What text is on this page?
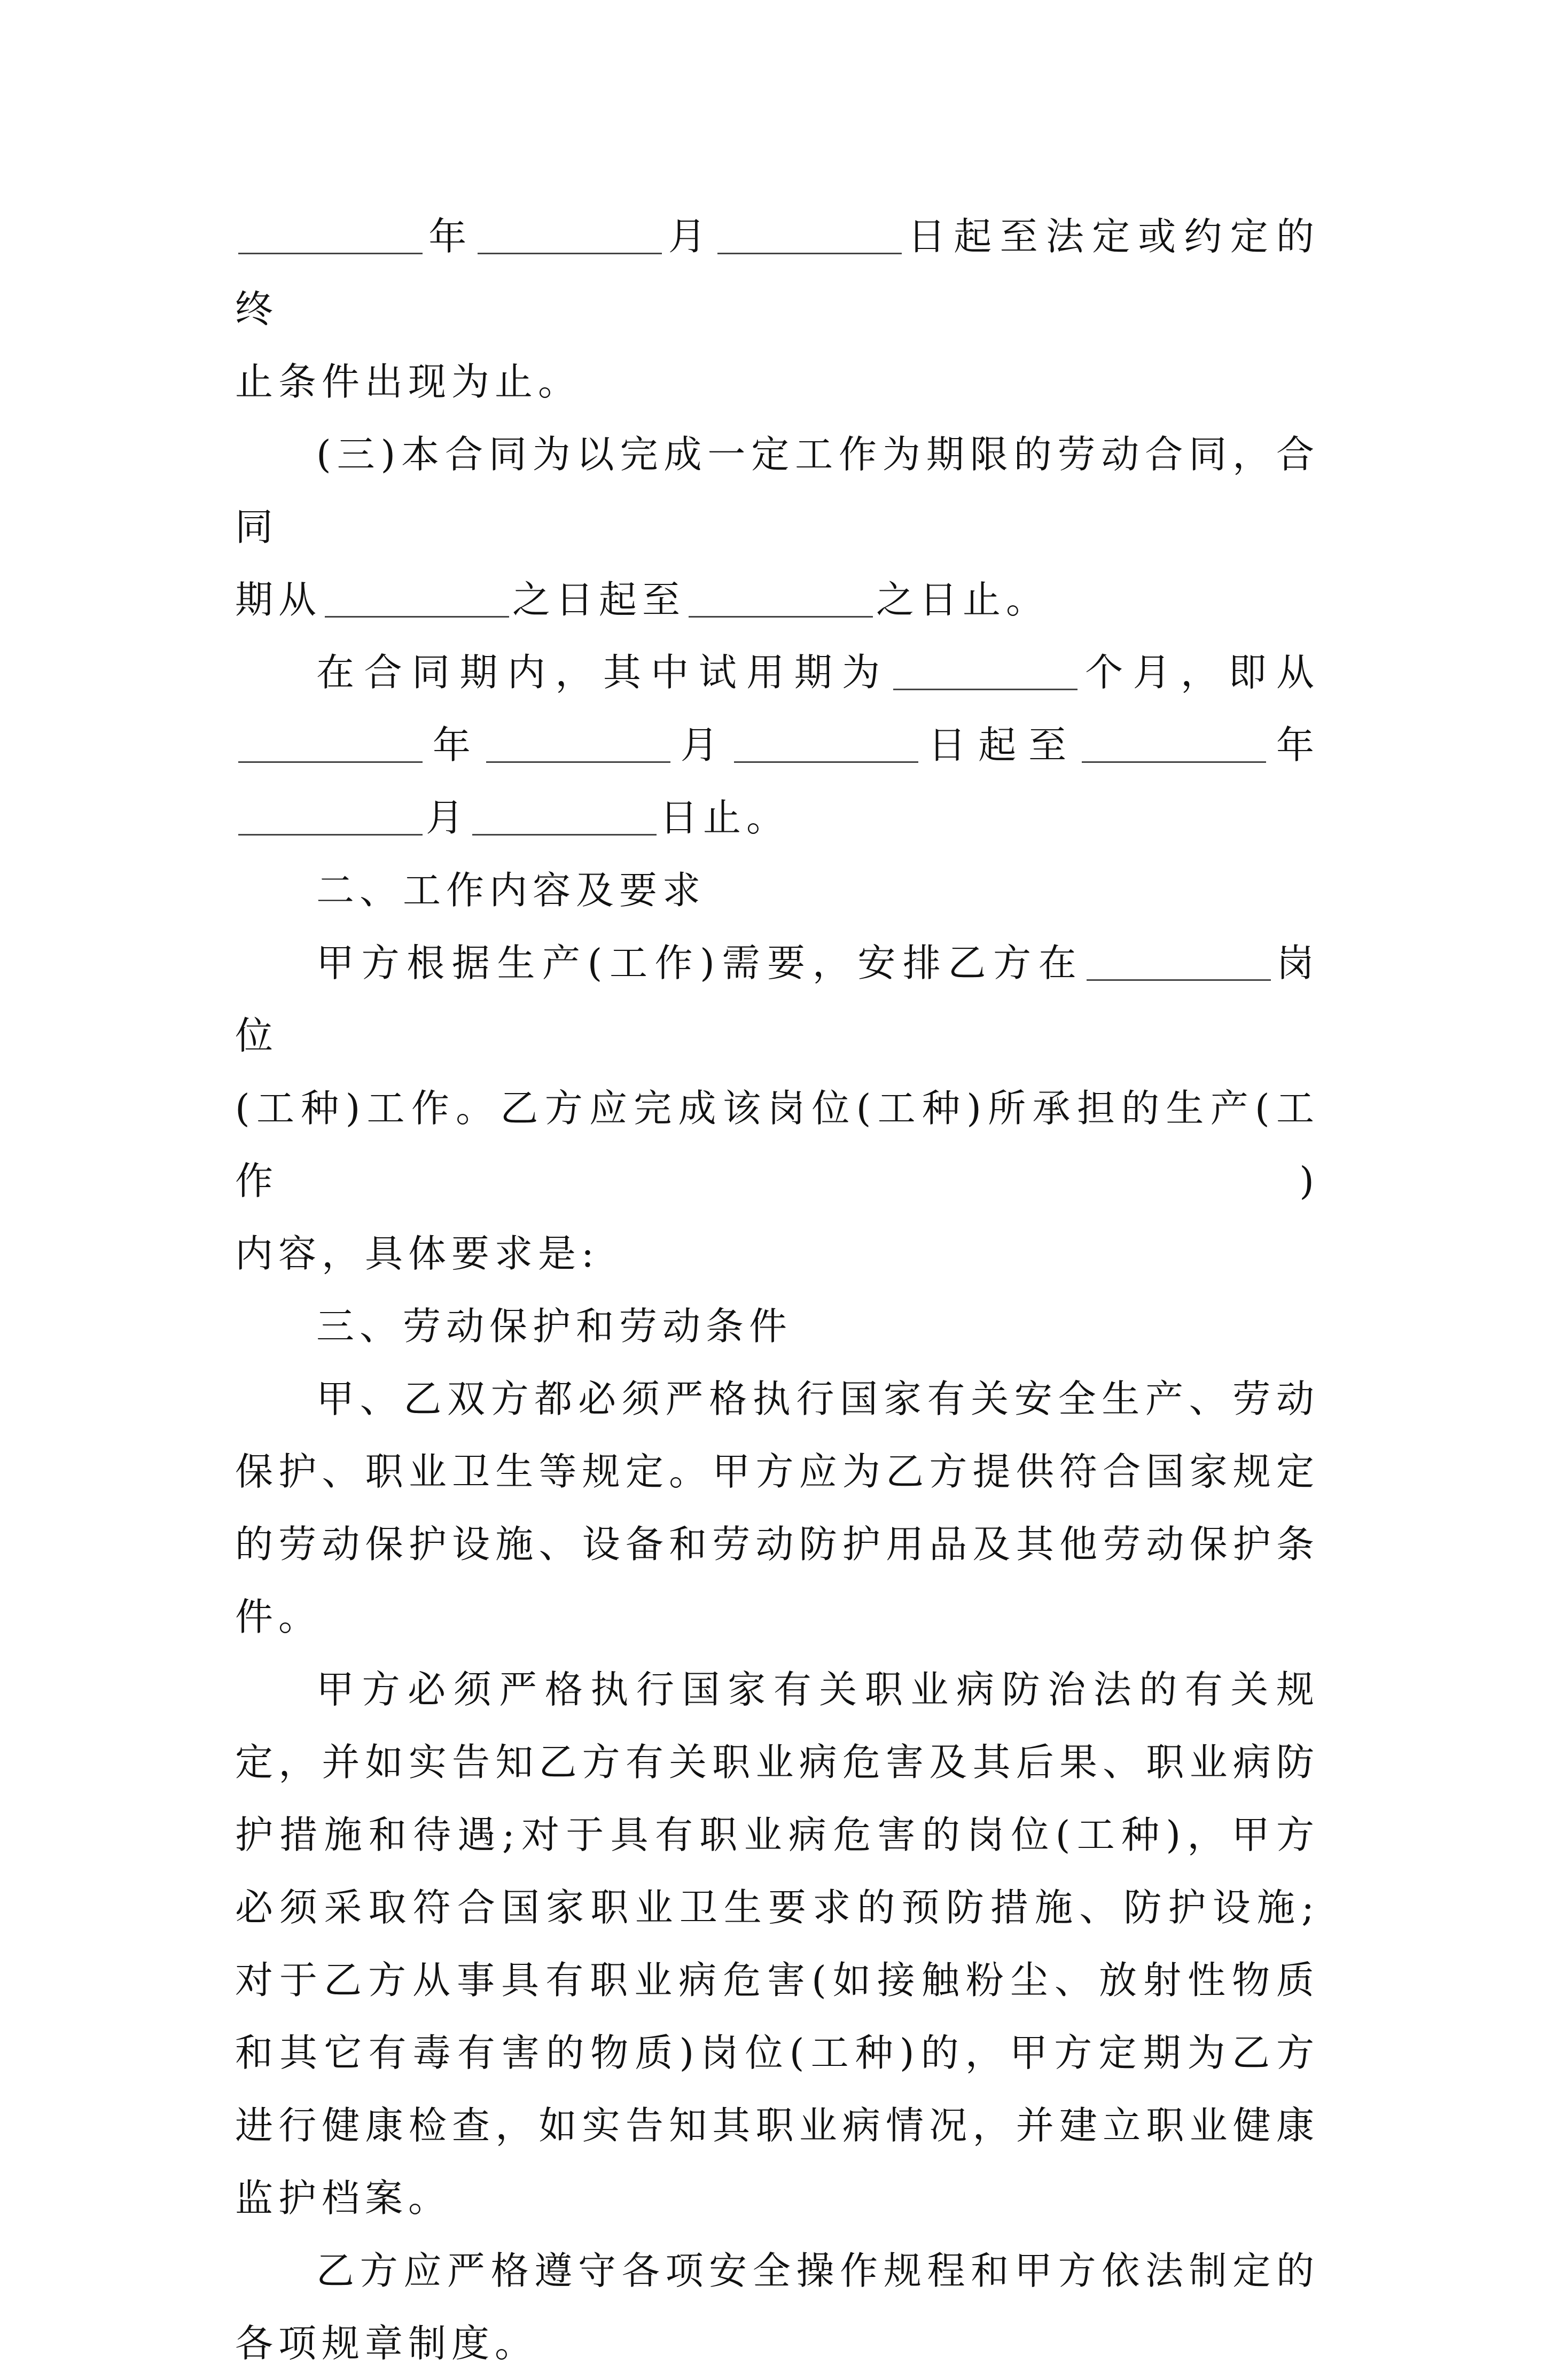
年	月	日起至法定或约定的终

止条件出现为止。

(三)本合同为以完成一定工作为期限的劳动合同，合同

期从	之日起至	之日止。

在合同期内，其中试用期为	个月，即从

年	月	日起至	年

月	日止。

二、工作内容及要求

甲方根据生产(工作)需要，安排乙方在	岗位

(工种)工作。乙方应完成该岗位(工种)所承担的生产(工作)

内容，具体要求是:

三、劳动保护和劳动条件

甲、乙双方都必须严格执行国家有关安全生产、劳动保护、职业卫生等规定。甲方应为乙方提供符合国家规定的劳动保护设施、设备和劳动防护用品及其他劳动保护条件。

甲方必须严格执行国家有关职业病防治法的有关规定，并如实告知乙方有关职业病危害及其后果、职业病防护措施和待遇;对于具有职业病危害的岗位(工种)，甲方必须采取符合国家职业卫生要求的预防措施、防护设施;对于乙方从事具有职业病危害(如接触粉尘、放射性物质和其它有毒有害的物质)岗位(工种)的，甲方定期为乙方进行健康检查，如实告知其职业病情况，并建立职业健康监护档案。

乙方应严格遵守各项安全操作规程和甲方依法制定的各项规章制度。
